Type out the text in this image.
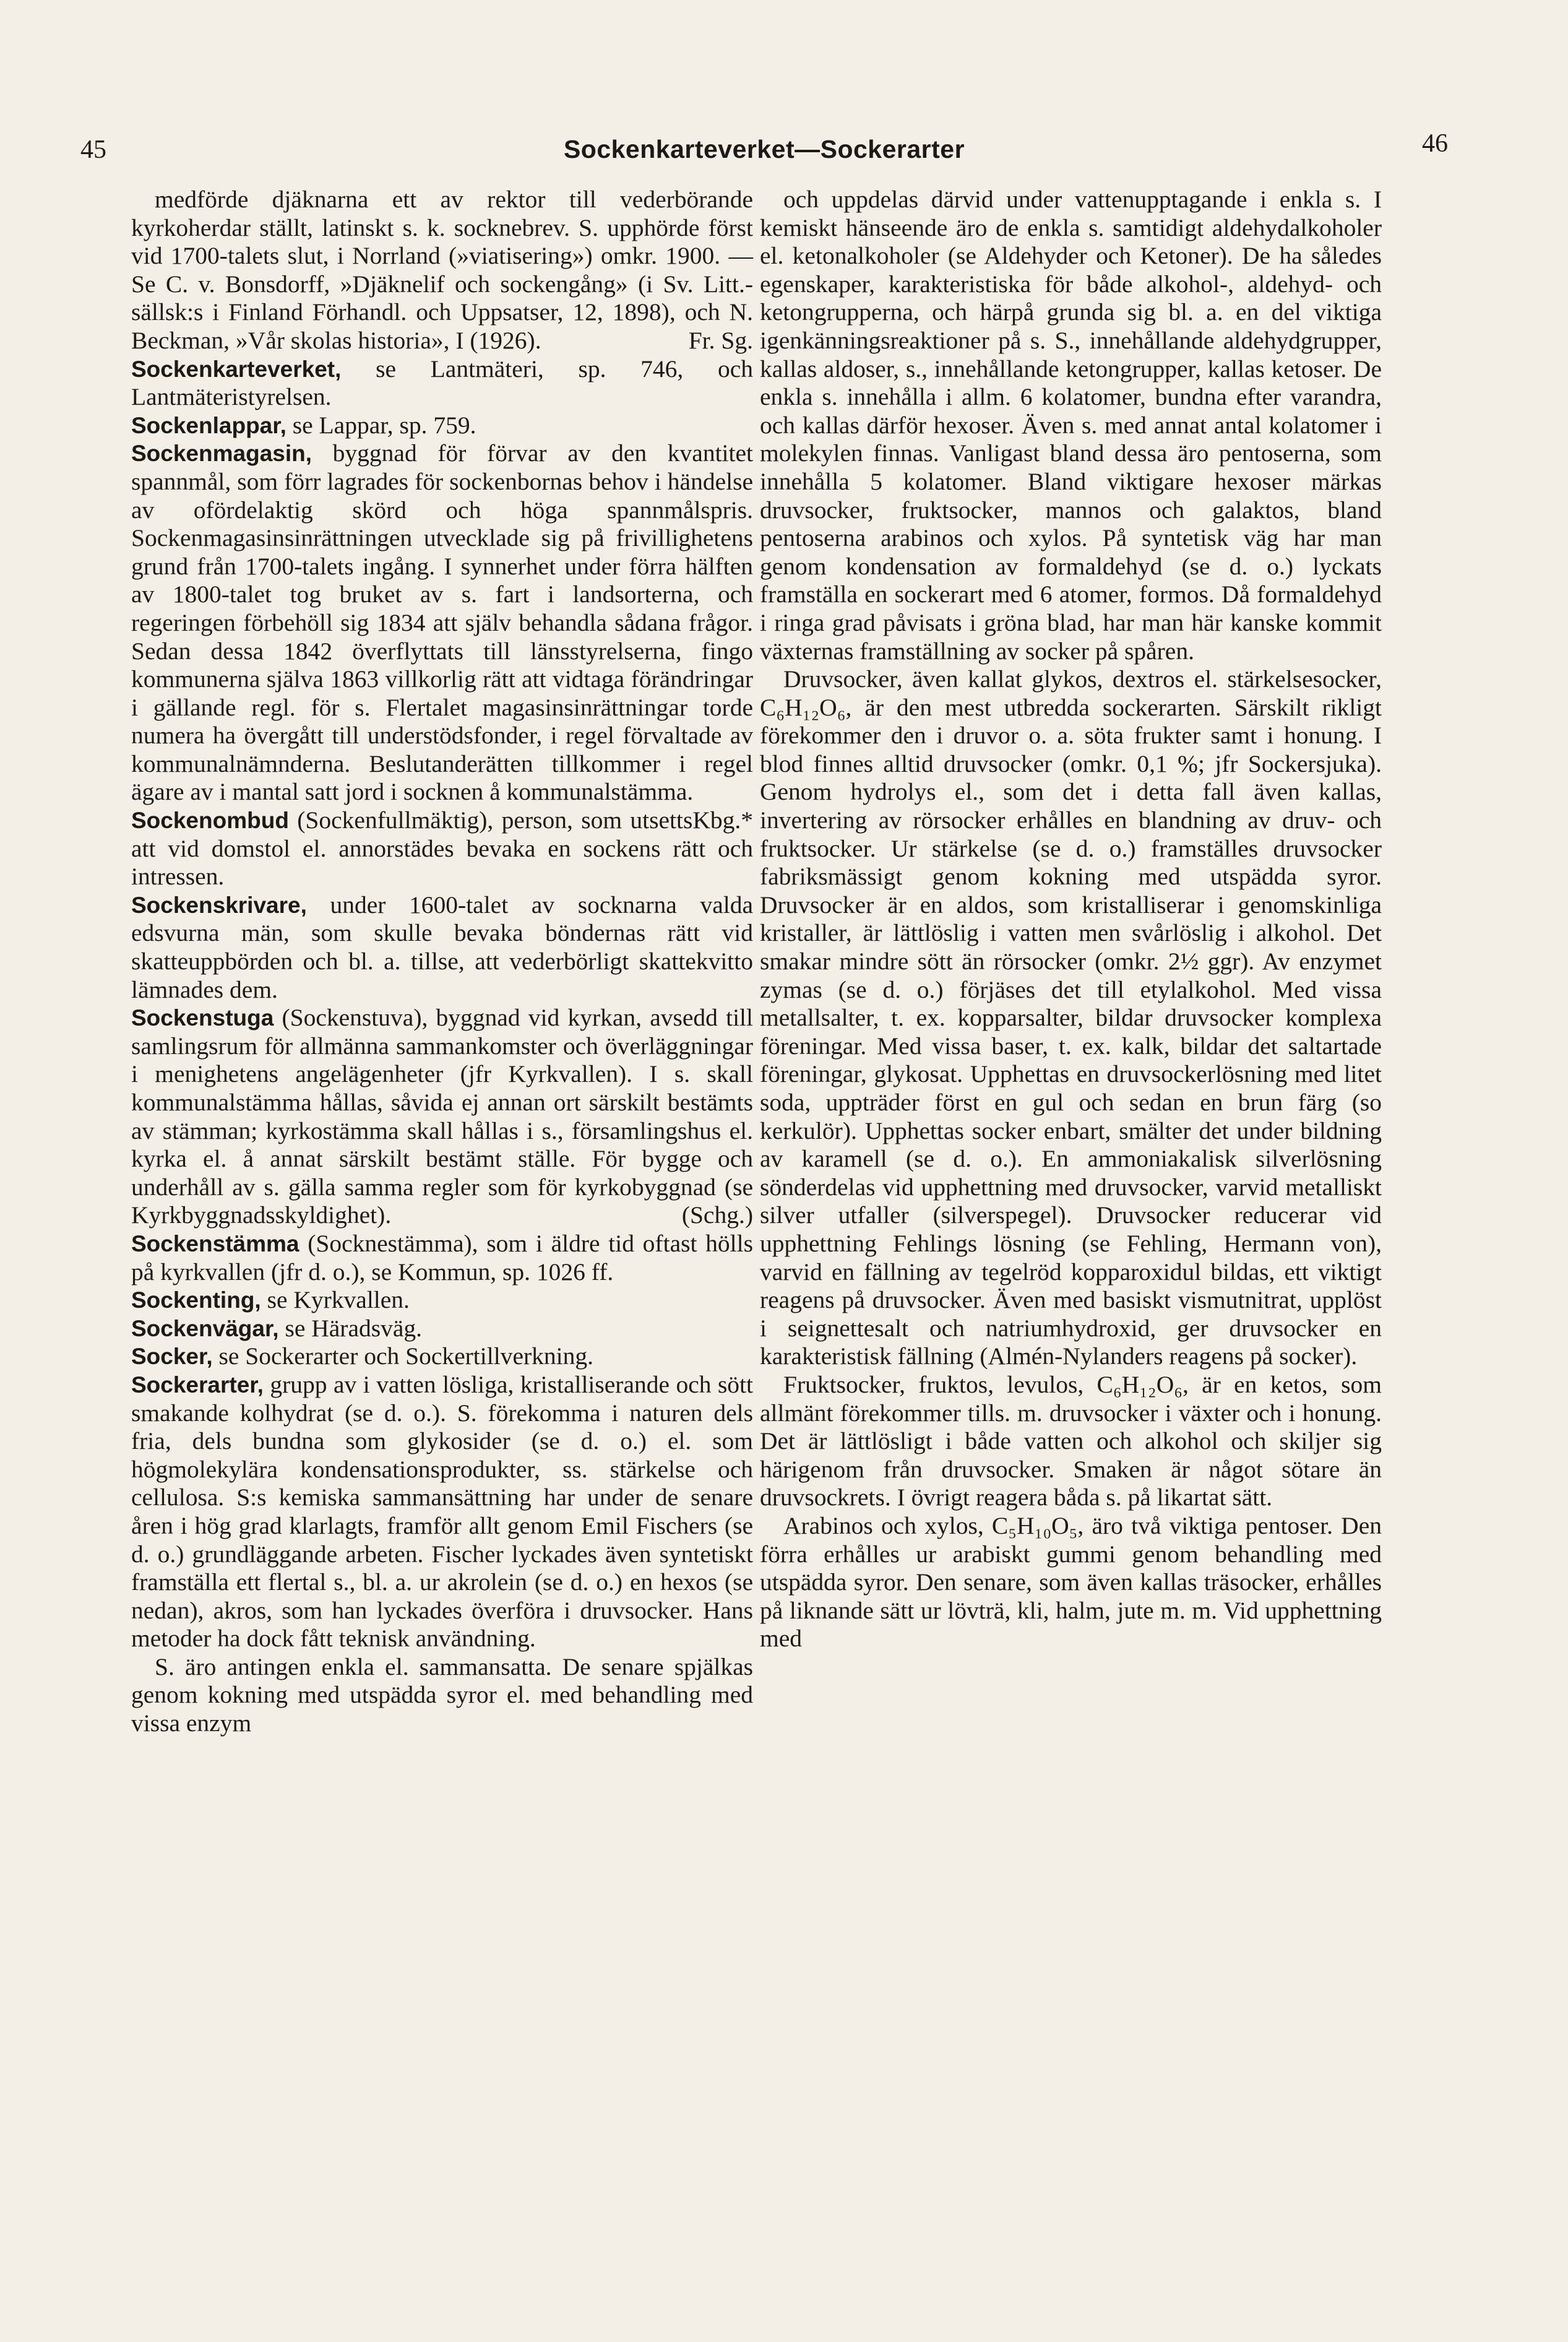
45	Sockenkarteverket—Sockerarter	46

medförde djäknarna ett av rektor till vederbörande kyrkoherdar ställt, latinskt s. k. socknebrev. S. upphörde först vid 1700-talets slut, i Norrland (»viatisering») omkr. 1900. — Se C. v. Bonsdorff, »Djäknelif och sockengång» (i Sv. Litt.-sällsk:s i Finland Förhandl. och Uppsatser, 12, 1898), och N. Beckman, »Vår skolas historia», I (1926).	Fr. Sg.

Sockenkarteverket, se Lantmäteri, sp. 746, och Lantmäteristyrelsen.

Sockenlappar, se Lappar, sp. 759.

Sockenmagasin, byggnad för förvar av den kvantitet spannmål, som förr lagrades för sockenbornas behov i händelse av ofördelaktig skörd och höga spannmålspris. Sockenmagasinsinrättningen utvecklade sig på frivillighetens grund från 1700-talets ingång. I synnerhet under förra hälften av 1800-talet tog bruket av s. fart i landsorterna, och regeringen förbehöll sig 1834 att själv behandla sådana frågor. Sedan dessa 1842 överflyttats till länsstyrelserna, fingo kommunerna själva 1863 villkorlig rätt att vidtaga förändringar i gällande regl. för s. Flertalet magasinsinrättningar torde numera ha övergått till understödsfonder, i regel förvaltade av kommunalnämnderna. Beslutanderätten tillkommer i regel ägare av i mantal satt jord i socknen å kommunalstämma.
Kbg.*

Sockenombud (Sockenfullmäktig), person, som utsetts att vid domstol el. annorstädes bevaka en sockens rätt och intressen.

Sockenskrivare, under 1600-talet av socknarna valda edsvurna män, som skulle bevaka böndernas rätt vid skatteuppbörden och bl. a. tillse, att vederbörligt skattekvitto lämnades dem.

Sockenstuga (Sockenstuva), byggnad vid kyrkan, avsedd till samlingsrum för allmänna sammankomster och överläggningar i menighetens angelägenheter (jfr Kyrkvallen). I s. skall kommunalstämma hållas, såvida ej annan ort särskilt bestämts av stämman; kyrkostämma skall hållas i s., församlingshus el. kyrka el. å annat särskilt bestämt ställe. För bygge och underhåll av s. gälla samma regler som för kyrkobyggnad (se Kyrkbyggnadsskyldighet).	(Schg.)

Sockenstämma (Socknestämma), som i äldre tid oftast hölls på kyrkvallen (jfr d. o.), se Kommun, sp. 1026 ff.

Sockenting, se Kyrkvallen.

Sockenvägar, se Häradsväg.

Socker, se Sockerarter och Sockertillverkning.

Sockerarter, grupp av i vatten lösliga, kristalliserande och sött smakande kolhydrat (se d. o.). S. förekomma i naturen dels fria, dels bundna som glykosider (se d. o.) el. som högmolekylära kondensationsprodukter, ss. stärkelse och cellulosa. S:s kemiska sammansättning har under de senare åren i hög grad klarlagts, framför allt genom Emil Fischers (se d. o.) grundläggande arbeten. Fischer lyckades även syntetiskt framställa ett flertal s., bl. a. ur akrolein (se d. o.) en hexos (se nedan), akros, som han lyckades överföra i druvsocker. Hans metoder ha dock fått teknisk användning.

S. äro antingen enkla el. sammansatta. De senare spjälkas genom kokning med utspädda syror el. med behandling med vissa enzym

och uppdelas därvid under vattenupptagande i enkla s. I kemiskt hänseende äro de enkla s. samtidigt aldehydalkoholer el. ketonalkoholer (se Aldehyder och Ketoner). De ha således egenskaper, karakteristiska för både alkohol-, aldehyd- och ketongrupperna, och härpå grunda sig bl. a. en del viktiga igenkänningsreaktioner på s. S., innehållande aldehydgrupper, kallas aldoser, s., innehållande ketongrupper, kallas ketoser. De enkla s. innehålla i allm. 6 kolatomer, bundna efter varandra, och kallas därför hexoser. Även s. med annat antal kolatomer i molekylen finnas. Vanligast bland dessa äro pentoserna, som innehålla 5 kolatomer. Bland viktigare hexoser märkas druvsocker, fruktsocker, mannos och galaktos, bland pentoserna arabinos och xylos. På syntetisk väg har man genom kondensation av formaldehyd (se d. o.) lyckats framställa en sockerart med 6 atomer, formos. Då formaldehyd i ringa grad påvisats i gröna blad, har man här kanske kommit växternas framställning av socker på spåren.

Druvsocker, även kallat glykos, dextros el. stärkelsesocker, C₆H₁₂O₆, är den mest utbredda sockerarten. Särskilt rikligt förekommer den i druvor o. a. söta frukter samt i honung. I blod finnes alltid druvsocker (omkr. 0,1 %; jfr Sockersjuka). Genom hydrolys el., som det i detta fall även kallas, invertering av rörsocker erhålles en blandning av druv- och fruktsocker. Ur stärkelse (se d. o.) framställes druvsocker fabriksmässigt genom kokning med utspädda syror. Druvsocker är en aldos, som kristalliserar i genomskinliga kristaller, är lättlöslig i vatten men svårlöslig i alkohol. Det smakar mindre sött än rörsocker (omkr. 2½ ggr). Av enzymet zymas (se d. o.) förjäses det till etylalkohol. Med vissa metallsalter, t. ex. kopparsalter, bildar druvsocker komplexa föreningar. Med vissa baser, t. ex. kalk, bildar det saltartade föreningar, glykosat. Upphettas en druvsockerlösning med litet soda, uppträder först en gul och sedan en brun färg (so kerkulör). Upphettas socker enbart, smälter det under bildning av karamell (se d. o.). En ammoniakalisk silverlösning sönderdelas vid upphettning med druvsocker, varvid metalliskt silver utfaller (silverspegel). Druvsocker reducerar vid upphettning Fehlings lösning (se Fehling, Hermann von), varvid en fällning av tegelröd kopparoxidul bildas, ett viktigt reagens på druvsocker. Även med basiskt vismutnitrat, upplöst i seignettesalt och natriumhydroxid, ger druvsocker en karakteristisk fällning (Almén-Nylanders reagens på socker).

Fruktsocker, fruktos, levulos, C₆H₁₂O₆, är en ketos, som allmänt förekommer tills. m. druvsocker i växter och i honung. Det är lättlösligt i både vatten och alkohol och skiljer sig härigenom från druvsocker. Smaken är något sötare än druvsockrets. I övrigt reagera båda s. på likartat sätt.

Arabinos och xylos, C₅H₁₀O₅, äro två viktiga pentoser. Den förra erhålles ur arabiskt gummi genom behandling med utspädda syror. Den senare, som även kallas träsocker, erhålles på liknande sätt ur lövträ, kli, halm, jute m. m. Vid upphettning med
